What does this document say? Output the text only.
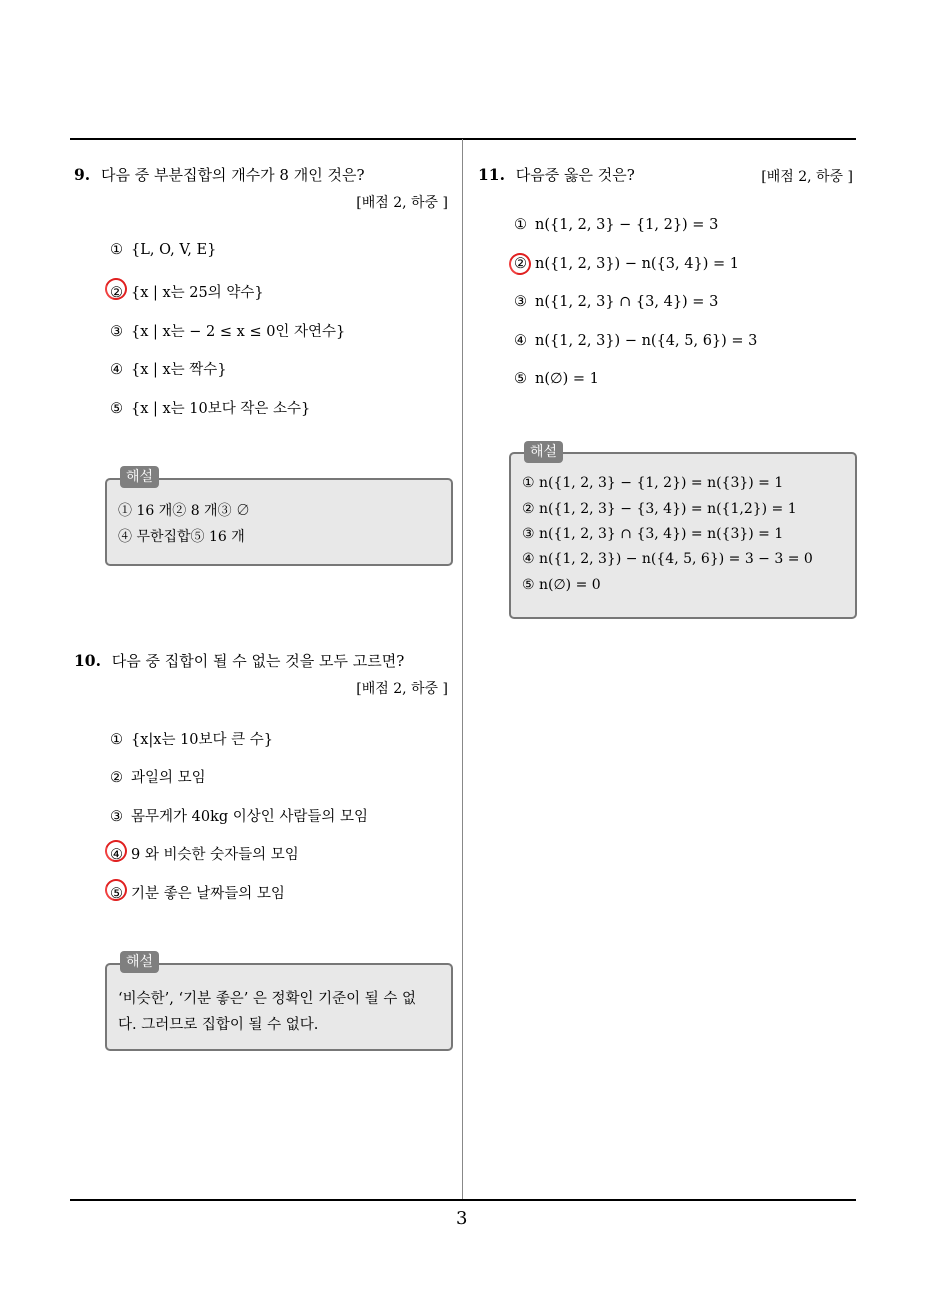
9. 다음 중 부분집합의 개수가 8 개인 것은?
[배점 2, 하중 ]
① {L, O, V, E}
② {x | x는 25의 약수}
③ {x | x는 − 2 ≤ x ≤ 0인 자연수}
④ {x | x는 짝수}
⑤ {x | x는 10보다 작은 소수}
해설
① 16 개② 8 개③ ∅
④ 무한집합⑤ 16 개
10. 다음 중 집합이 될 수 없는 것을 모두 고르면?
[배점 2, 하중 ]
① {x|x는 10보다 큰 수}
② 과일의 모임
③ 몸무게가 40kg 이상인 사람들의 모임
④ 9 와 비슷한 숫자들의 모임
⑤ 기분 좋은 날짜들의 모임
해설
‘비슷한’, ‘기분 좋은’ 은 정확인 기준이 될 수 없
다. 그러므로 집합이 될 수 없다.
11. 다음중 옳은 것은?	[배점 2, 하중 ]
① n({1, 2, 3} − {1, 2}) = 3
② n({1, 2, 3}) − n({3, 4}) = 1
③ n({1, 2, 3} ∩ {3, 4}) = 3
④ n({1, 2, 3}) − n({4, 5, 6}) = 3
⑤ n(∅) = 1
해설
① n({1, 2, 3} − {1, 2}) = n({3}) = 1
② n({1, 2, 3} − {3, 4}) = n({1,2}) = 1
③ n({1, 2, 3} ∩ {3, 4}) = n({3}) = 1
④ n({1, 2, 3}) − n({4, 5, 6}) = 3 − 3 = 0
⑤ n(∅) = 0
3
